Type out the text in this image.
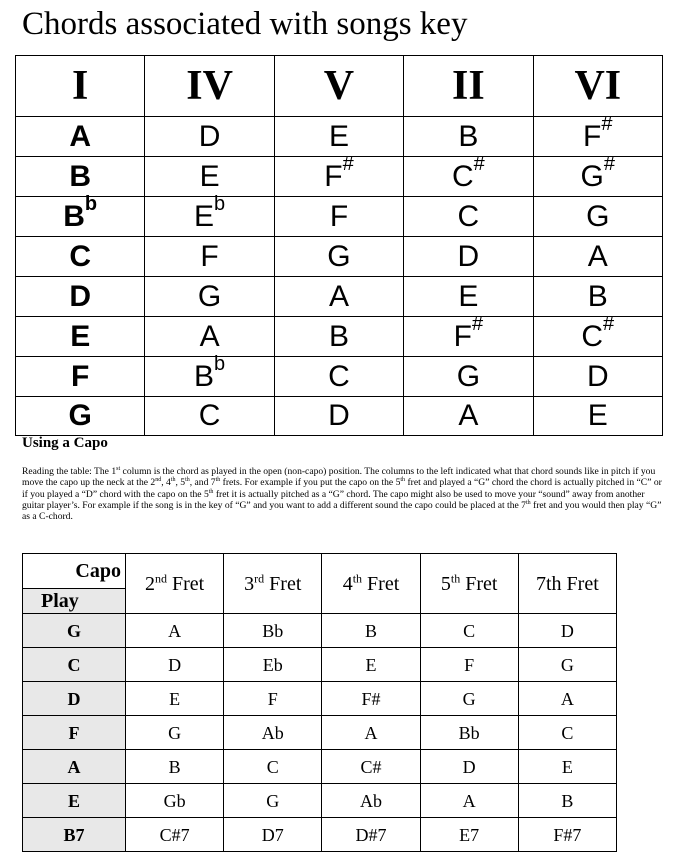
Chords associated with songs key
I	IV	V	II	VI
A	D	E	B	F#
B	E	F#	C#	G#
$B^b$	$E^b$	F	C	G
C	F	G	D	A
D	G	A	E	B
E	A	B	F#	C#
F	$B^b$	C	G	D
G	C	D	A	E
Using a Capo

Reading the table: The 1st column is the chord as played in the open (non-capo) position. The columns to the left indicated what that chord sounds like in pitch if you move the capo up the neck at the 2nd, 4th, 5th, and 7th frets. For example if you put the capo on the 5th fret and played a “G” chord the chord is actually pitched in “C” or if you played a “D” chord with the capo on the 5th fret it is actually pitched as a “G” chord. The capo might also be used to move your “sound” away from another guitar player’s. For example if the song is in the key of “G” and you want to add a different sound the capo could be placed at the 7th fret and you would then play “G” as a C-chord.

Capo	2nd Fret	3rd Fret	4th Fret	5th Fret	7th Fret
Play					
G	A	Bb	B	C	D
C	D	Eb	E	F	G
D	E	F	F#	G	A
F	G	Ab	A	Bb	C
A	B	C	C#	D	E
E	Gb	G	Ab	A	B
B7	C#7	D7	D#7	E7	F#7
